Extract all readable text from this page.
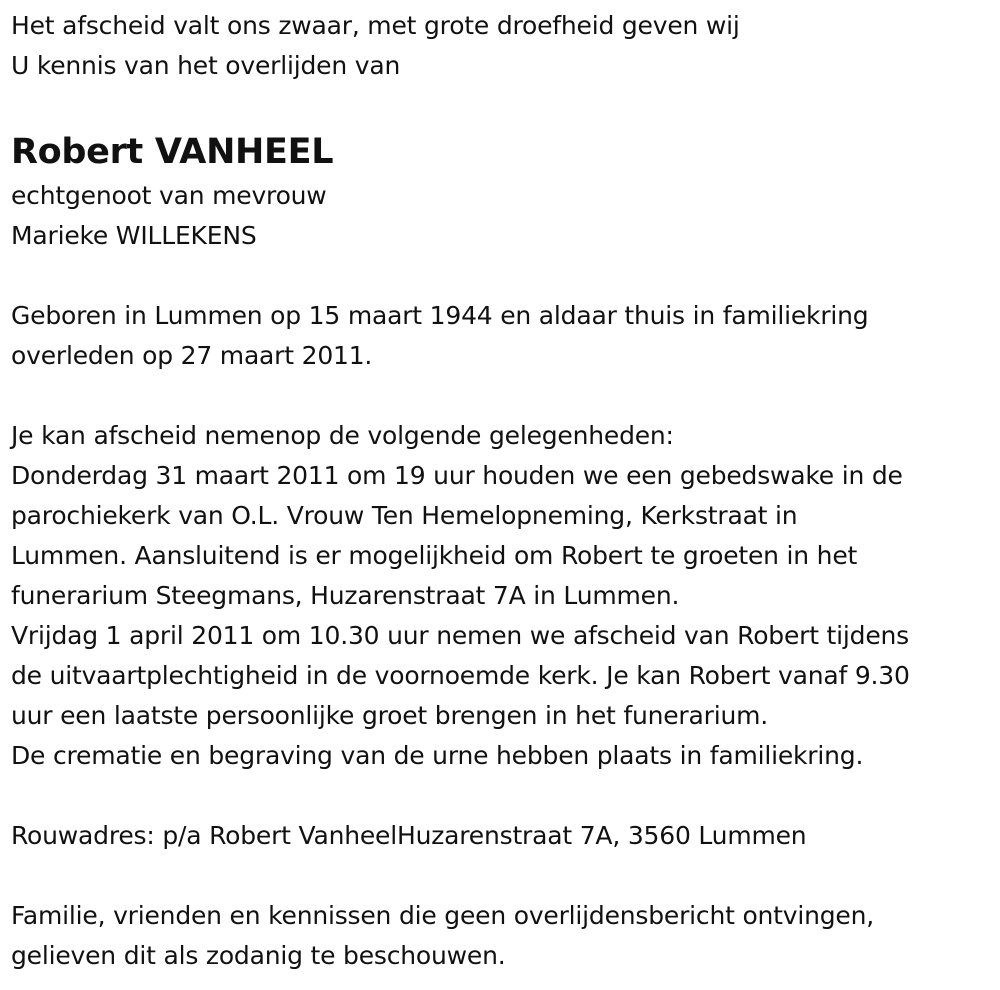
Het afscheid valt ons zwaar, met grote droefheid geven wij
U kennis van het overlijden van
Robert VANHEEL
echtgenoot van mevrouw
Marieke WILLEKENS
Geboren in Lummen op 15 maart 1944 en aldaar thuis in familiekring
overleden op 27 maart 2011.
Je kan afscheid nemenop de volgende gelegenheden:
Donderdag 31 maart 2011 om 19 uur houden we een gebedswake in de
parochiekerk van O.L. Vrouw Ten Hemelopneming, Kerkstraat in
Lummen. Aansluitend is er mogelijkheid om Robert te groeten in het
funerarium Steegmans, Huzarenstraat 7A in Lummen.
Vrijdag 1 april 2011 om 10.30 uur nemen we afscheid van Robert tijdens
de uitvaartplechtigheid in de voornoemde kerk. Je kan Robert vanaf 9.30
uur een laatste persoonlijke groet brengen in het funerarium.
De crematie en begraving van de urne hebben plaats in familiekring.
Rouwadres: p/a Robert VanheelHuzarenstraat 7A, 3560 Lummen
Familie, vrienden en kennissen die geen overlijdensbericht ontvingen,
gelieven dit als zodanig te beschouwen.
